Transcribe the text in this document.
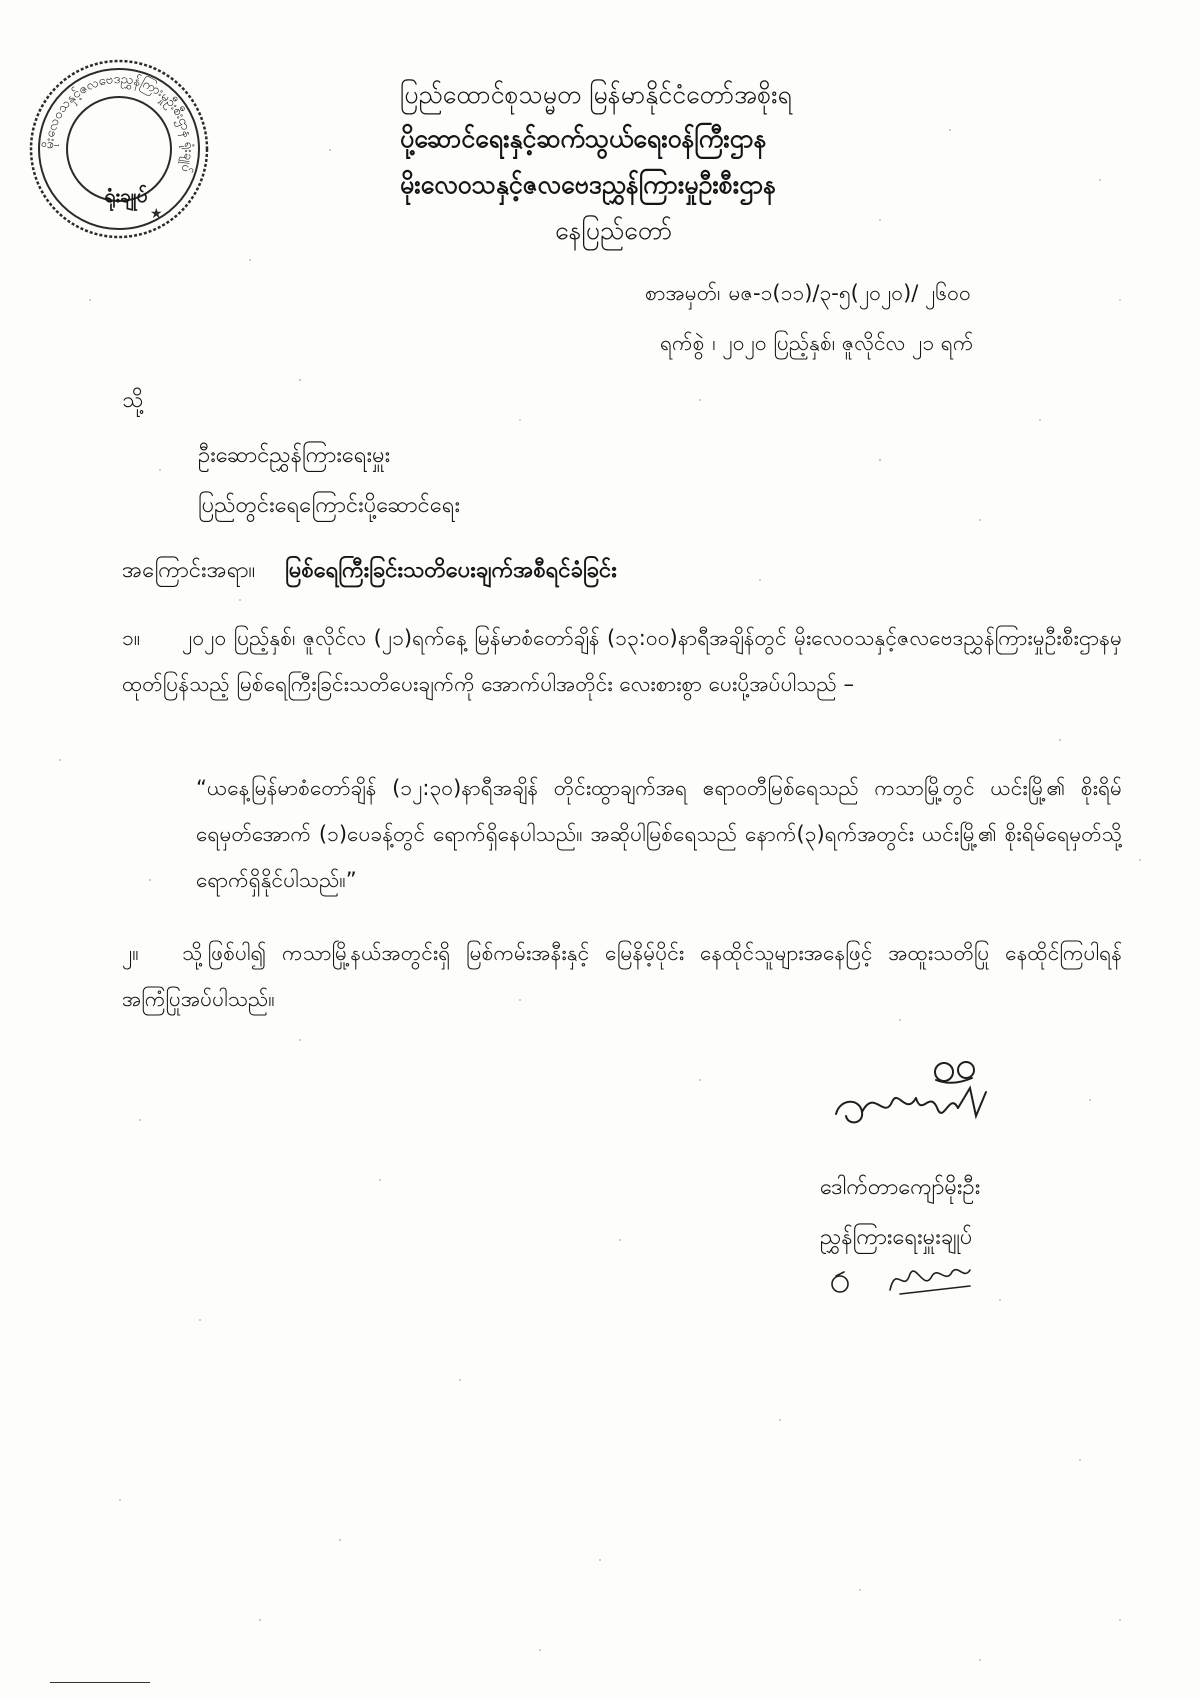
မိုးလေဝသနှင့်ဇလဗေဒညွှန်ကြားမှုဦးစီးဌာန ရုံးချုပ်
★
ရုံးချုပ်
ပြည်ထောင်စုသမ္မတ မြန်မာနိုင်ငံတော်အစိုးရ
ပို့ဆောင်ရေးနှင့်ဆက်သွယ်ရေးဝန်ကြီးဌာန
မိုးလေဝသနှင့်ဇလဗေဒညွှန်ကြားမှုဦးစီးဌာန
နေပြည်တော်
စာအမှတ်၊ မဇ-၁(၁၁)/၃-၅(၂၀၂၀)/ ၂၆၀၀
ရက်စွဲ ၊ ၂၀၂၀ ပြည့်နှစ်၊ ဇူလိုင်လ ၂၁ ရက်
သို့
ဦးဆောင်ညွှန်ကြားရေးမှူး
ပြည်တွင်းရေကြောင်းပို့ဆောင်ရေး
အကြောင်းအရာ။ မြစ်ရေကြီးခြင်းသတိပေးချက်အစီရင်ခံခြင်း
၁။ ၂၀၂၀ ပြည့်နှစ်၊ ဇူလိုင်လ (၂၁)ရက်နေ့ မြန်မာစံတော်ချိန် (၁၃:၀၀)နာရီအချိန်တွင် မိုးလေဝသနှင့်ဇလဗေဒညွှန်ကြားမှုဦးစီးဌာနမှ ထုတ်ပြန်သည့် မြစ်ရေကြီးခြင်းသတိပေးချက်ကို အောက်ပါအတိုင်း လေးစားစွာ ပေးပို့အပ်ပါသည် –
“ယနေ့မြန်မာစံတော်ချိန် (၁၂:၃၀)နာရီအချိန် တိုင်းထွာချက်အရ ဧရာဝတီမြစ်ရေသည် ကသာမြို့တွင် ယင်းမြို့၏ စိုးရိမ်ရေမှတ်အောက် (၁)ပေခန့်တွင် ရောက်ရှိနေပါသည်။ အဆိုပါမြစ်ရေသည် နောက်(၃)ရက်အတွင်း ယင်းမြို့၏ စိုးရိမ်ရေမှတ်သို့ ရောက်ရှိနိုင်ပါသည်။”
၂။ သို့ဖြစ်ပါ၍ ကသာမြို့နယ်အတွင်းရှိ မြစ်ကမ်းအနီးနှင့် မြေနိမ့်ပိုင်း နေထိုင်သူများအနေဖြင့် အထူးသတိပြု နေထိုင်ကြပါရန် အကြံပြုအပ်ပါသည်။
ဒေါက်တာကျော်မိုးဦး
ညွှန်ကြားရေးမှူးချုပ်
